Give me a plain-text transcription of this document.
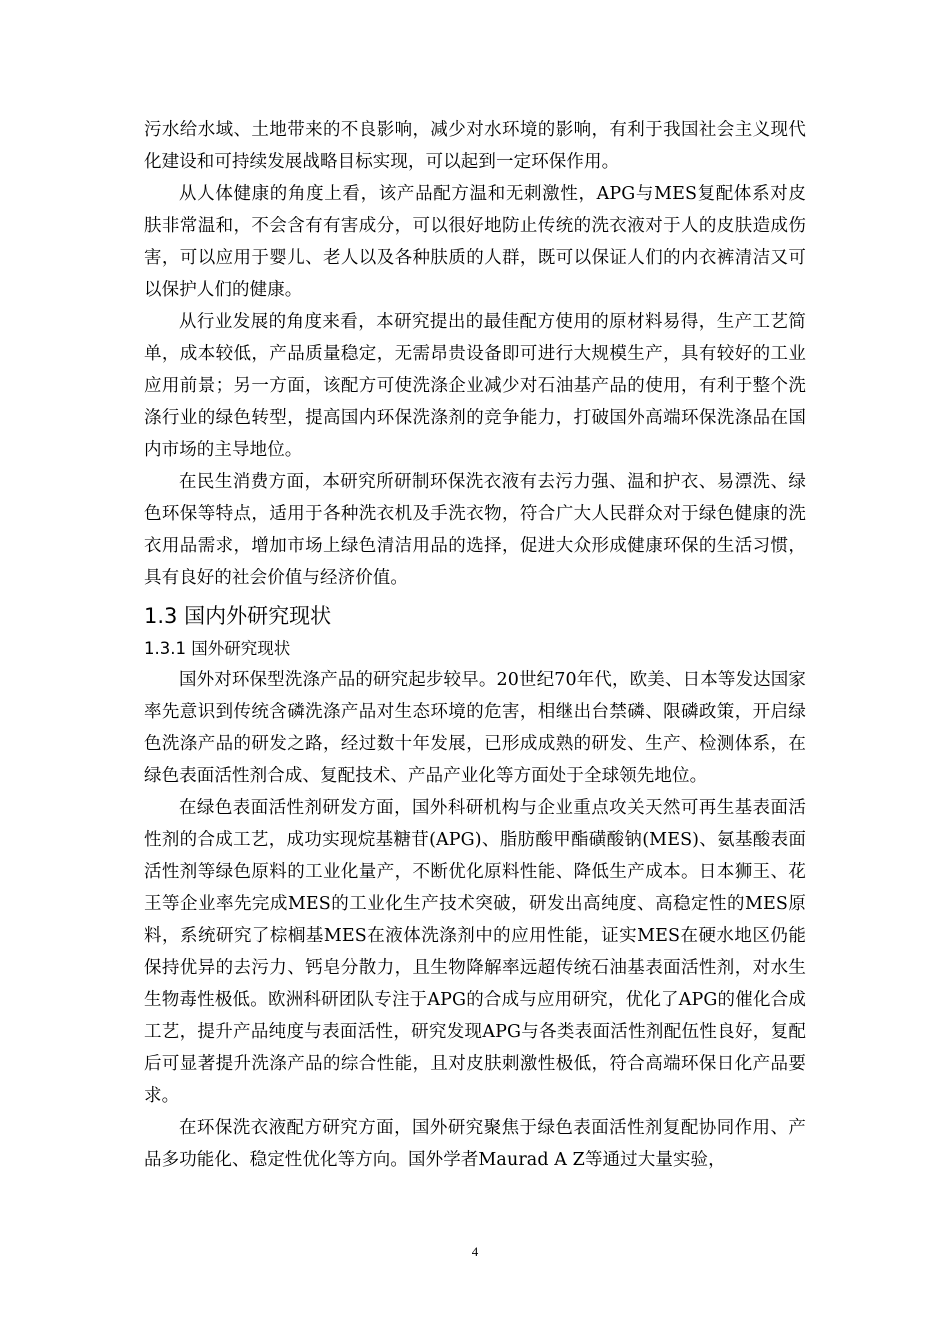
污水给水域、土地带来的不良影响，减少对水环境的影响，有利于我国社会主义现代化建设和可持续发展战略目标实现，可以起到一定环保作用。

从人体健康的角度上看，该产品配方温和无刺激性，APG与MES复配体系对皮肤非常温和，不会含有有害成分，可以很好地防止传统的洗衣液对于人的皮肤造成伤害，可以应用于婴儿、老人以及各种肤质的人群，既可以保证人们的内衣裤清洁又可以保护人们的健康。

从行业发展的角度来看，本研究提出的最佳配方使用的原材料易得，生产工艺简单，成本较低，产品质量稳定，无需昂贵设备即可进行大规模生产，具有较好的工业应用前景；另一方面，该配方可使洗涤企业减少对石油基产品的使用，有利于整个洗涤行业的绿色转型，提高国内环保洗涤剂的竞争能力，打破国外高端环保洗涤品在国内市场的主导地位。

在民生消费方面，本研究所研制环保洗衣液有去污力强、温和护衣、易漂洗、绿色环保等特点，适用于各种洗衣机及手洗衣物，符合广大人民群众对于绿色健康的洗衣用品需求，增加市场上绿色清洁用品的选择，促进大众形成健康环保的生活习惯，具有良好的社会价值与经济价值。

1.3 国内外研究现状
1.3.1 国外研究现状

国外对环保型洗涤产品的研究起步较早。20世纪70年代，欧美、日本等发达国家率先意识到传统含磷洗涤产品对生态环境的危害，相继出台禁磷、限磷政策，开启绿色洗涤产品的研发之路，经过数十年发展，已形成成熟的研发、生产、检测体系，在绿色表面活性剂合成、复配技术、产品产业化等方面处于全球领先地位。

在绿色表面活性剂研发方面，国外科研机构与企业重点攻关天然可再生基表面活性剂的合成工艺，成功实现烷基糖苷(APG)、脂肪酸甲酯磺酸钠(MES)、氨基酸表面活性剂等绿色原料的工业化量产，不断优化原料性能、降低生产成本。日本狮王、花王等企业率先完成MES的工业化生产技术突破，研发出高纯度、高稳定性的MES原料，系统研究了棕榈基MES在液体洗涤剂中的应用性能，证实MES在硬水地区仍能保持优异的去污力、钙皂分散力，且生物降解率远超传统石油基表面活性剂，对水生生物毒性极低。欧洲科研团队专注于APG的合成与应用研究，优化了APG的催化合成工艺，提升产品纯度与表面活性，研究发现APG与各类表面活性剂配伍性良好，复配后可显著提升洗涤产品的综合性能，且对皮肤刺激性极低，符合高端环保日化产品要求。

在环保洗衣液配方研究方面，国外研究聚焦于绿色表面活性剂复配协同作用、产品多功能化、稳定性优化等方向。国外学者Maurad A Z等通过大量实验，

4
